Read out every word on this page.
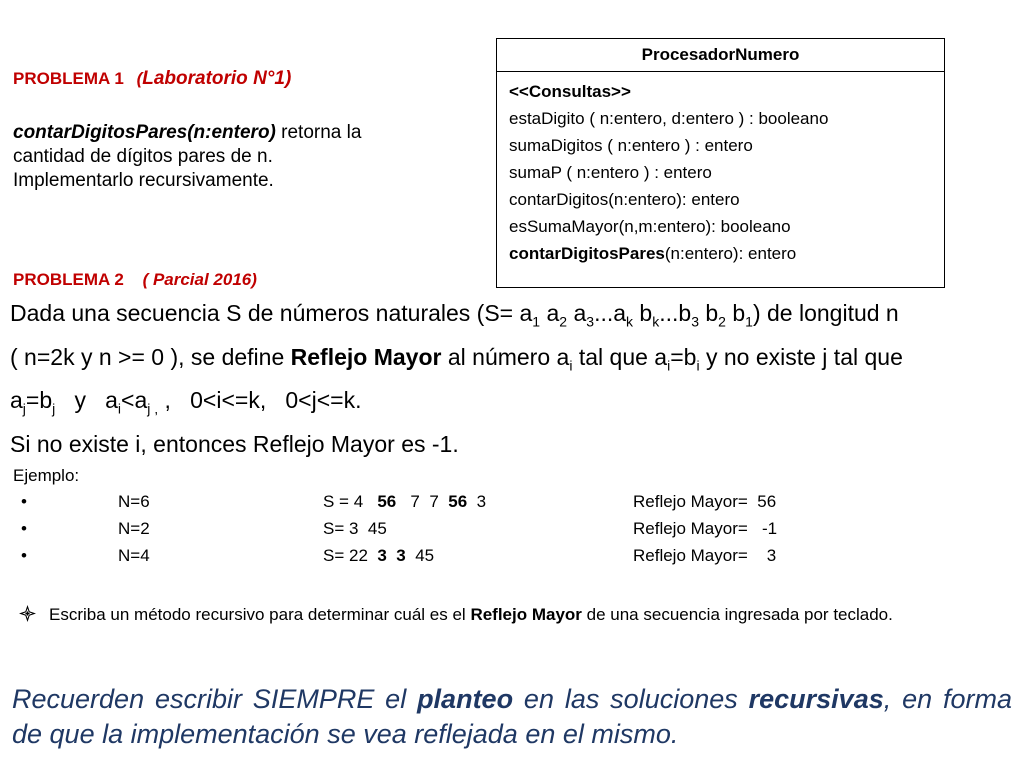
PROBLEMA 1 (Laboratorio N°1)
contarDigitosPares(n:entero) retorna la
cantidad de dígitos pares de n.
Implementarlo recursivamente.
ProcesadorNumero
<<Consultas>>
estaDigito ( n:entero, d:entero ) : booleano
sumaDigitos ( n:entero ) : entero
sumaP ( n:entero ) : entero
contarDigitos(n:entero): entero
esSumaMayor(n,m:entero): booleano
contarDigitosPares(n:entero): entero
PROBLEMA 2 ( Parcial 2016)
Dada una secuencia S de números naturales ($S= a_1$ $a_2$ $a_3...a_k$ $b_k...b_3$ $b_2$ $b_1$) de longitud n
( n=2k y n >= 0 ), se define Reflejo Mayor al número $a_i$ tal que $a_i=b_i$ y no existe j tal que
$a_j=b_j$   y   $a_i<a_{j ,}$ ,   0<i<=k,   0<j<=k.
Si no existe i, entonces Reflejo Mayor es -1.
Ejemplo:
•	N=6	S = 4   56   7  7  56  3	Reflejo Mayor=  56
•	N=2	S= 3  45	Reflejo Mayor=   -1
•	N=4	S= 22  3 3  45	Reflejo Mayor=    3
Escriba un método recursivo para determinar cuál es el Reflejo Mayor de una secuencia ingresada por teclado.
Recuerden escribir SIEMPRE el planteo en las soluciones recursivas, en forma de que la implementación se vea reflejada en el mismo.
